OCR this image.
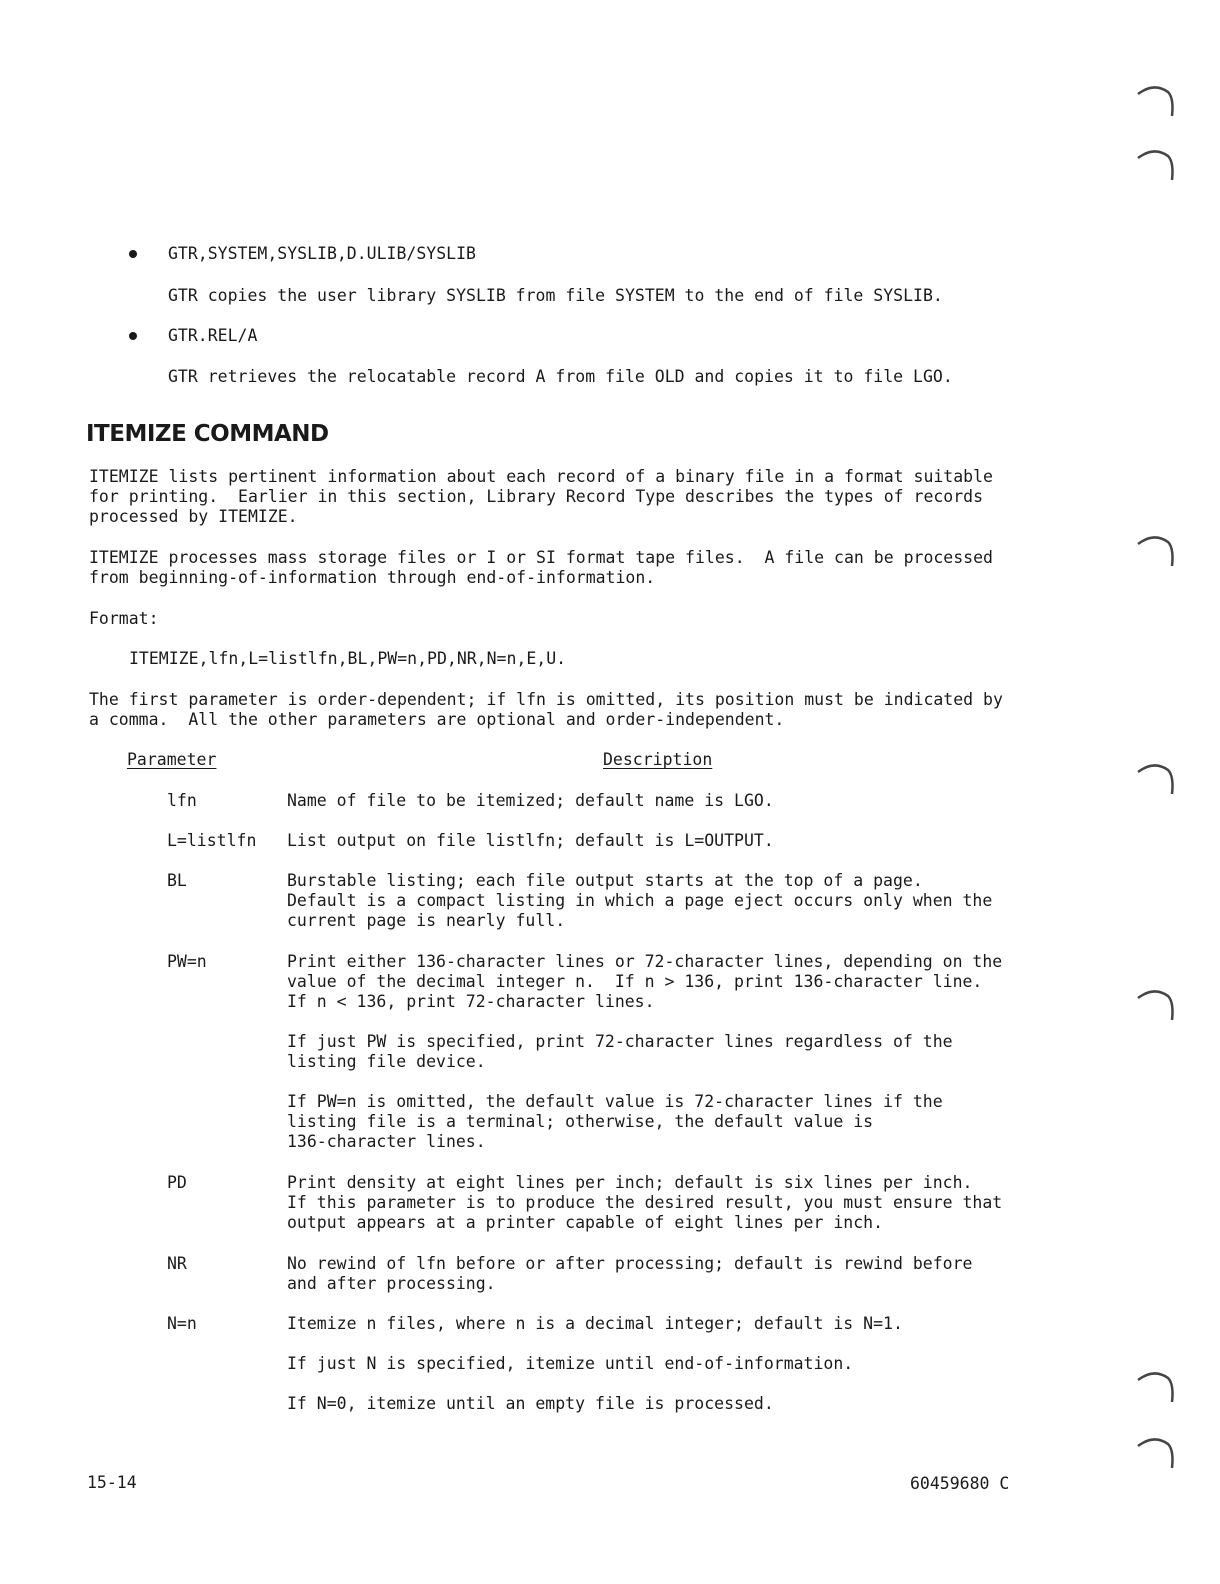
GTR,SYSTEM,SYSLIB,D.ULIB/SYSLIB
GTR copies the user library SYSLIB from file SYSTEM to the end of file SYSLIB.
GTR.REL/A
GTR retrieves the relocatable record A from file OLD and copies it to file LGO.
ITEMIZE COMMAND
ITEMIZE lists pertinent information about each record of a binary file in a format suitable
for printing.  Earlier in this section, Library Record Type describes the types of records
processed by ITEMIZE.
ITEMIZE processes mass storage files or I or SI format tape files.  A file can be processed
from beginning-of-information through end-of-information.
Format:
ITEMIZE,lfn,L=listlfn,BL,PW=n,PD,NR,N=n,E,U.
The first parameter is order-dependent; if lfn is omitted, its position must be indicated by
a comma.  All the other parameters are optional and order-independent.
Parameter	Description
lfn	Name of file to be itemized; default name is LGO.
L=listlfn List output on file listlfn; default is L=OUTPUT.
BL	Burstable listing; each file output starts at the top of a page.
Default is a compact listing in which a page eject occurs only when the
current page is nearly full.
PW=n	Print either 136-character lines or 72-character lines, depending on the
value of the decimal integer n.  If n > 136, print 136-character line.
If n < 136, print 72-character lines.
If just PW is specified, print 72-character lines regardless of the
listing file device.
If PW=n is omitted, the default value is 72-character lines if the
listing file is a terminal; otherwise, the default value is
136-character lines.
PD	Print density at eight lines per inch; default is six lines per inch.
If this parameter is to produce the desired result, you must ensure that
output appears at a printer capable of eight lines per inch.
NR	No rewind of lfn before or after processing; default is rewind before
and after processing.
N=n	Itemize n files, where n is a decimal integer; default is N=1.
If just N is specified, itemize until end-of-information.
If N=0, itemize until an empty file is processed.
15-14	60459680 C
